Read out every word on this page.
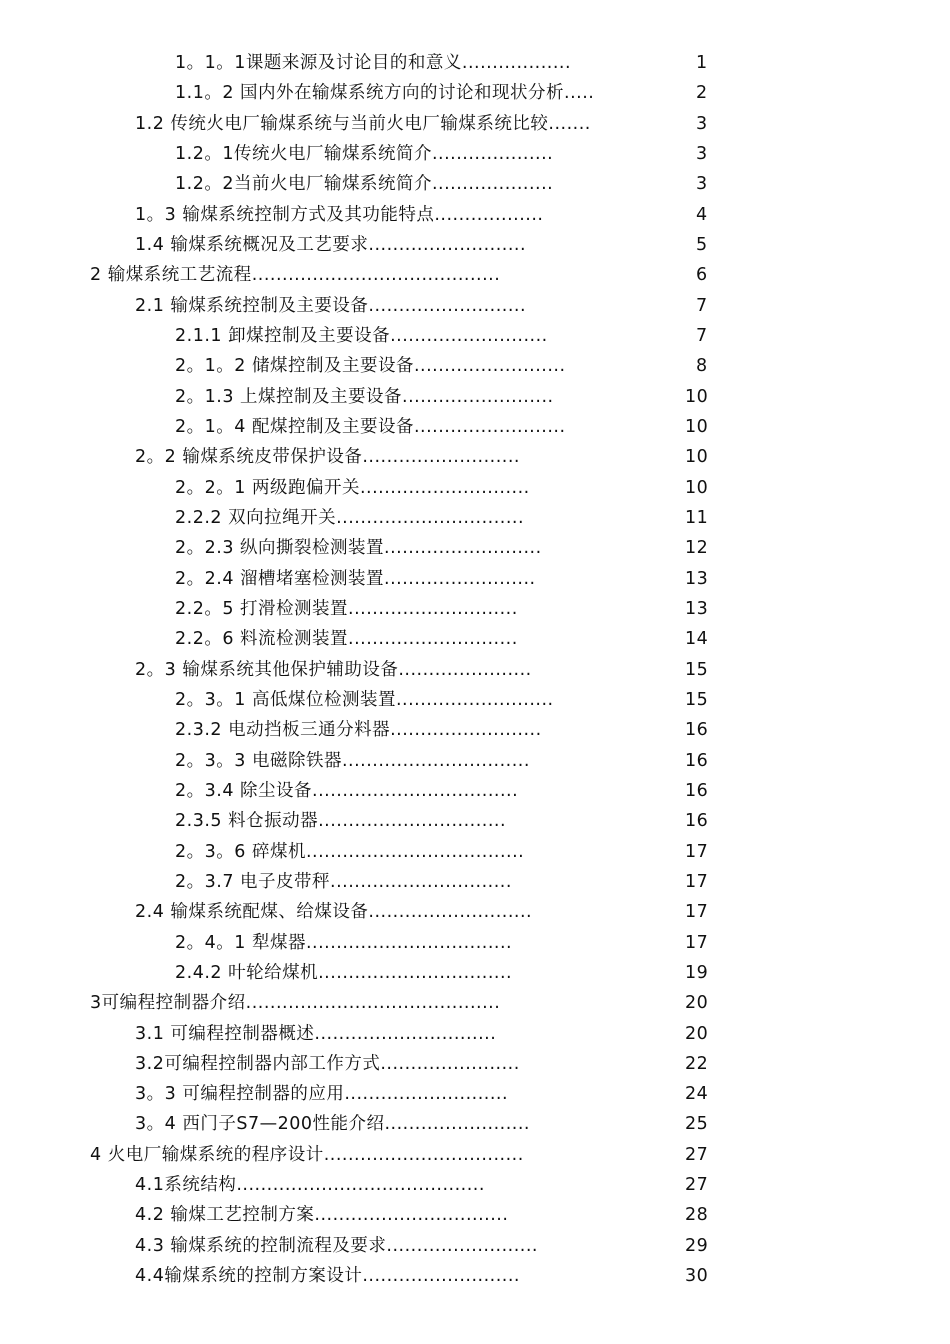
1。1。1课题来源及讨论目的和意义..................	1
1.1。2 国内外在输煤系统方向的讨论和现状分析.....	2
1.2 传统火电厂输煤系统与当前火电厂输煤系统比较.......	3
1.2。1传统火电厂输煤系统简介....................	3
1.2。2当前火电厂输煤系统简介....................	3
1。3 输煤系统控制方式及其功能特点..................	4
1.4 输煤系统概况及工艺要求..........................	5
2 输煤系统工艺流程.........................................	6
2.1 输煤系统控制及主要设备..........................	7
2.1.1 卸煤控制及主要设备..........................	7
2。1。2 储煤控制及主要设备.........................	8
2。1.3 上煤控制及主要设备.........................	10
2。1。4 配煤控制及主要设备.........................	10
2。2 输煤系统皮带保护设备..........................	10
2。2。1 两级跑偏开关............................	10
2.2.2 双向拉绳开关...............................	11
2。2.3 纵向撕裂检测装置..........................	12
2。2.4 溜槽堵塞检测装置.........................	13
2.2。5 打滑检测装置............................	13
2.2。6 料流检测装置............................	14
2。3 输煤系统其他保护辅助设备......................	15
2。3。1 高低煤位检测装置..........................	15
2.3.2 电动挡板三通分料器.........................	16
2。3。3 电磁除铁器...............................	16
2。3.4 除尘设备..................................	16
2.3.5 料仓振动器...............................	16
2。3。6 碎煤机....................................	17
2。3.7 电子皮带秤..............................	17
2.4 输煤系统配煤、给煤设备...........................	17
2。4。1 犁煤器..................................	17
2.4.2 叶轮给煤机................................	19
3可编程控制器介绍..........................................	20
3.1 可编程控制器概述..............................	20
3.2可编程控制器内部工作方式.......................	22
3。3 可编程控制器的应用...........................	24
3。4 西门子S7—200性能介绍........................	25
4 火电厂输煤系统的程序设计.................................	27
4.1系统结构.........................................	27
4.2 输煤工艺控制方案................................	28
4.3 输煤系统的控制流程及要求.........................	29
4.4输煤系统的控制方案设计..........................	30
